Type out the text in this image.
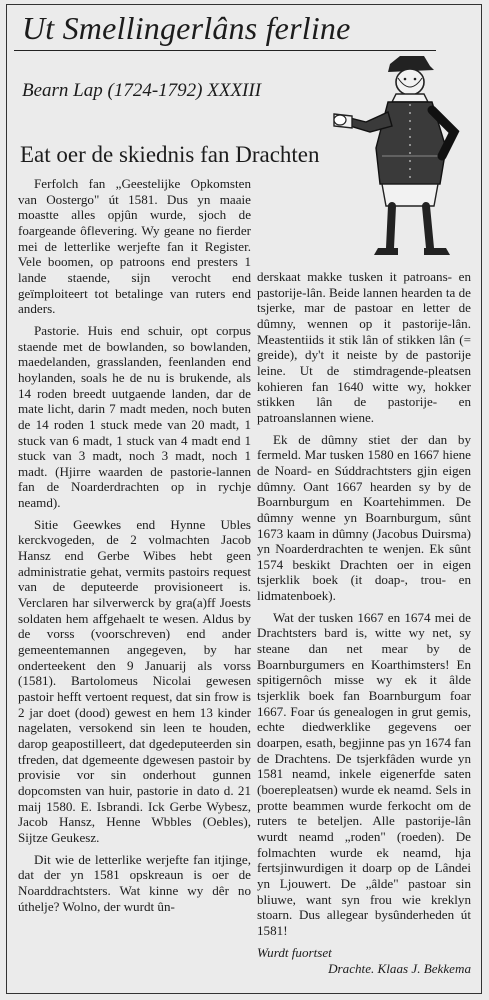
Ut Smellingerlâns ferline
Bearn Lap (1724-1792) XXXIII
Eat oer de skiednis fan Drachten

Ferfolch fan „Geestelijke Opkomsten van Oostergo" út 1581. Dus yn maaie moastte alles opjûn wurde, sjoch de foargeande ôflevering. Wy geane no fierder mei de letterlike werjefte fan it Register. Vele boomen, op patroons end presters 1 lande staende, sijn verocht end geïmploiteert tot betalinge van ruters end anders.

Pastorie. Huis end schuir, opt corpus staende met de bowlanden, so bowlanden, maedelanden, grasslanden, feenlanden end hoylanden, soals he de nu is brukende, als 14 roden breedt uutgaende landen, dar de mate licht, darin 7 madt meden, noch buten de 14 roden 1 stuck mede van 20 madt, 1 stuck van 6 madt, 1 stuck van 4 madt end 1 stuck van 3 madt, noch 3 madt, noch 1 madt. (Hjirre waarden de pastorie-lannen fan de Noarderdrachten op in rychje neamd).

Sitie Geewkes end Hynne Ubles kerckvogeden, de 2 volmachten Jacob Hansz end Gerbe Wibes hebt geen administratie gehat, vermits pastoirs request van de deputeerde provisioneert is. Verclaren har silverwerck by gra(a)ff Joests soldaten hem affgehaelt te wesen. Aldus by de vorss (voorschreven) end ander gemeentemannen angegeven, by har onderteekent den 9 Januarij als vorss (1581). Bartolomeus Nicolai gewesen pastoir hefft vertoent request, dat sin frow is 2 jar doet (dood) gewest en hem 13 kinder nagelaten, versokend sin leen te houden, darop geapostilleert, dat dgedeputeerden sin tfreden, dat dgemeente dgewesen pastoir by provisie vor sin onderhout gunnen dopcomsten van huir, pastorie in dato d. 21 maij 1580. E. Isbrandi. Ick Gerbe Wybesz, Jacob Hansz, Henne Wbbles (Oebles), Sijtze Geukesz.

Dit wie de letterlike werjefte fan itjinge, dat der yn 1581 opskreaun is oer de Noarddrachtsters. Wat kinne wy dêr no úthelje? Wolno, der wurdt ûn-

derskaat makke tusken it patroans- en pastorije-lân. Beide lannen hearden ta de tsjerke, mar de pastoar en letter de dûmny, wennen op it pastorije-lân. Meastentiids it stik lân of stikken lân (= greide), dy't it neiste by de pastorije leine. Ut de stimdragende-pleatsen kohieren fan 1640 witte wy, hokker stikken lân de pastorije- en patroanslannen wiene.

Ek de dûmny stiet der dan by fermeld. Mar tusken 1580 en 1667 hiene de Noard- en Súddrachtsters gjin eigen dûmny. Oant 1667 hearden sy by de Boarnburgum en Koartehimmen. De dûmny wenne yn Boarnburgum, sûnt 1673 kaam in dûmny (Jacobus Duirsma) yn Noarderdrachten te wenjen. Ek sûnt 1574 beskikt Drachten oer in eigen tsjerklik boek (it doap-, trou- en lidmatenboek).

Wat der tusken 1667 en 1674 mei de Drachtsters bard is, witte wy net, sy steane dan net mear by de Boarnburgumers en Koarthimsters! En spitigernôch misse wy ek it âlde tsjerklik boek fan Boarnburgum foar 1667. Foar ús genealogen in grut gemis, echte diedwerklike gegevens oer doarpen, esath, begjinne pas yn 1674 fan de Drachtens. De tsjerkfâden wurde yn 1581 neamd, inkele eigenerfde saten (boerepleatsen) wurde ek neamd. Sels in protte beammen wurde ferkocht om de ruters te beteljen. Alle pastorije-lân wurdt neamd „roden" (roeden). De folmachten wurde ek neamd, hja fertsjinwurdigen it doarp op de Lândei yn Ljouwert. De „âlde" pastoar sin bliuwe, want syn frou wie kreklyn stoarn. Dus allegear bysûnderheden út 1581!

Wurdt fuortset
Drachte. Klaas J. Bekkema
